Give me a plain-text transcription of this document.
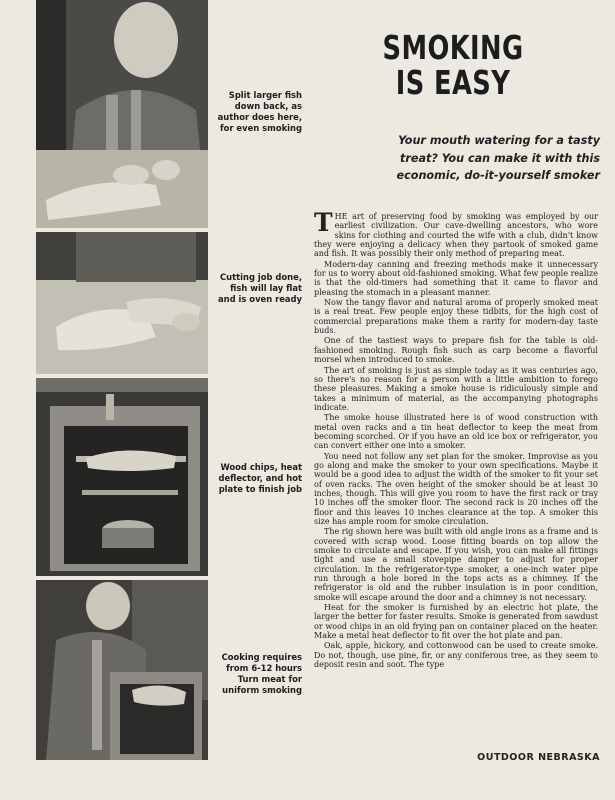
Split larger fish down back, as author does here, for even smoking

Cutting job done, fish will lay flat and is oven ready

Wood chips, heat deflector, and hot plate to finish job

Cooking requires from 6-12 hours Turn meat for uniform smoking

SMOKING
IS EASY

Your mouth watering for a tasty treat? You can make it with this economic, do-it-yourself smoker

THE art of preserving food by smoking was employed by our earliest civilization. Our cave-dwelling ancestors, who wore skins for clothing and courted the wife with a club, didn't know they were enjoying a delicacy when they partook of smoked game and fish. It was possibly their only method of preparing meat.

Modern-day canning and freezing methods make it unnecessary for us to worry about old-fashioned smoking. What few people realize is that the old-timers had something that it came to flavor and pleasing the stomach in a pleasant manner.

Now the tangy flavor and natural aroma of properly smoked meat is a real treat. Few people enjoy these tidbits, for the high cost of commercial preparations make them a rarity for modern-day taste buds.

One of the tastiest ways to prepare fish for the table is old-fashioned smoking. Rough fish such as carp become a flavorful morsel when introduced to smoke.

The art of smoking is just as simple today as it was centuries ago, so there's no reason for a person with a little ambition to forego these pleasures. Making a smoke house is ridiculously simple and takes a minimum of material, as the accompanying photographs indicate.

The smoke house illustrated here is of wood construction with metal oven racks and a tin heat deflector to keep the meat from becoming scorched. Or if you have an old ice box or refrigerator, you can convert either one into a smoker.

You need not follow any set plan for the smoker. Improvise as you go along and make the smoker to your own specifications. Maybe it would be a good idea to adjust the width of the smoker to fit your set of oven racks. The oven height of the smoker should be at least 30 inches, though. This will give you room to have the first rack or tray 10 inches off the smoker floor. The second rack is 20 inches off the floor and this leaves 10 inches clearance at the top. A smoker this size has ample room for smoke circulation.

The rig shown here was built with old angle irons as a frame and is covered with scrap wood. Loose fitting boards on top allow the smoke to circulate and escape. If you wish, you can make all fittings tight and use a small stovepipe damper to adjust for proper circulation. In the refrigerator-type smoker, a one-inch water pipe run through a hole bored in the tops acts as a chimney. If the refrigerator is old and the rubber insulation is in poor condition, smoke will escape around the door and a chimney is not necessary.

Heat for the smoker is furnished by an electric hot plate, the larger the better for faster results. Smoke is generated from sawdust or wood chips in an old frying pan on container placed on the heater. Make a metal heat deflector to fit over the hot plate and pan.

Oak, apple, hickory, and cottonwood can be used to create smoke. Do not, though, use pine, fir, or any coniferous tree, as they seem to deposit resin and soot. The type

OUTDOOR NEBRASKA
